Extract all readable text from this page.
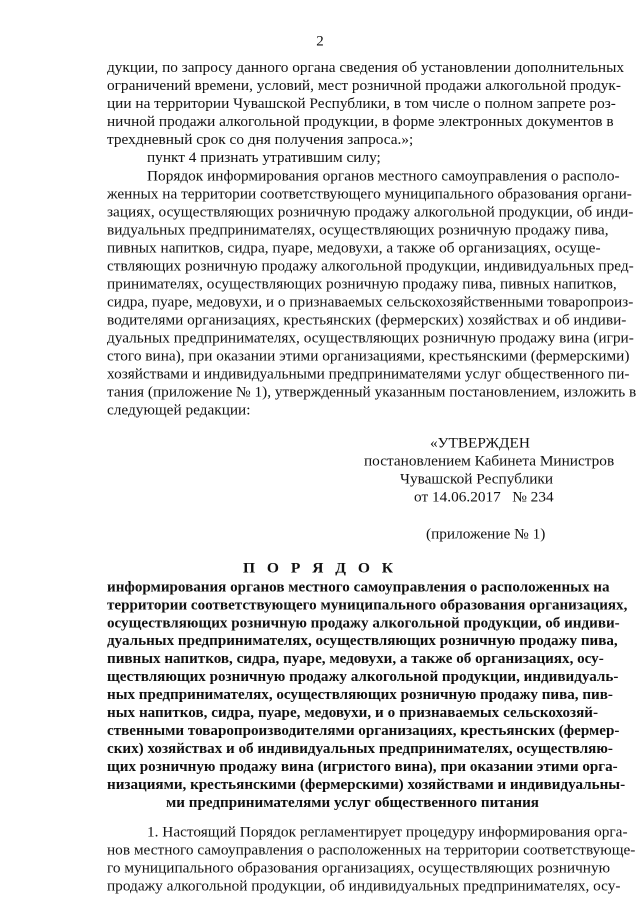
2
дукции, по запросу данного органа сведения об установлении дополнительных
ограничений времени, условий, мест розничной продажи алкогольной продук-
ции на территории Чувашской Республики, в том числе о полном запрете роз-
ничной продажи алкогольной продукции, в форме электронных документов в
трехдневный срок со дня получения запроса.»;
пункт 4 признать утратившим силу;
Порядок информирования органов местного самоуправления о располо-
женных на территории соответствующего муниципального образования органи-
зациях, осуществляющих розничную продажу алкогольной продукции, об инди-
видуальных предпринимателях, осуществляющих розничную продажу пива,
пивных напитков, сидра, пуаре, медовухи, а также об организациях, осуще-
ствляющих розничную продажу алкогольной продукции, индивидуальных пред-
принимателях, осуществляющих розничную продажу пива, пивных напитков,
сидра, пуаре, медовухи, и о признаваемых сельскохозяйственными товаропроиз-
водителями организациях, крестьянских (фермерских) хозяйствах и об индиви-
дуальных предпринимателях, осуществляющих розничную продажу вина (игри-
стого вина), при оказании этими организациями, крестьянскими (фермерскими)
хозяйствами и индивидуальными предпринимателями услуг общественного пи-
тания (приложение № 1), утвержденный указанным постановлением, изложить в
следующей редакции:
«УТВЕРЖДЕН
постановлением Кабинета Министров
Чувашской Республики
от 14.06.2017   № 234
(приложение № 1)
П О Р Я Д О К
информирования органов местного самоуправления о расположенных на
территории соответствующего муниципального образования организациях,
осуществляющих розничную продажу алкогольной продукции, об индиви-
дуальных предпринимателях, осуществляющих розничную продажу пива,
пивных напитков, сидра, пуаре, медовухи, а также об организациях, осу-
ществляющих розничную продажу алкогольной продукции, индивидуаль-
ных предпринимателях, осуществляющих розничную продажу пива, пив-
ных напитков, сидра, пуаре, медовухи, и о признаваемых сельскохозяй-
ственными товаропроизводителями организациях, крестьянских (фермер-
ских) хозяйствах и об индивидуальных предпринимателях, осуществляю-
щих розничную продажу вина (игристого вина), при оказании этими орга-
низациями, крестьянскими (фермерскими) хозяйствами и индивидуальны-
ми предпринимателями услуг общественного питания
1. Настоящий Порядок регламентирует процедуру информирования орга-
нов местного самоуправления о расположенных на территории соответствующе-
го муниципального образования организациях, осуществляющих розничную
продажу алкогольной продукции, об индивидуальных предпринимателях, осу-
